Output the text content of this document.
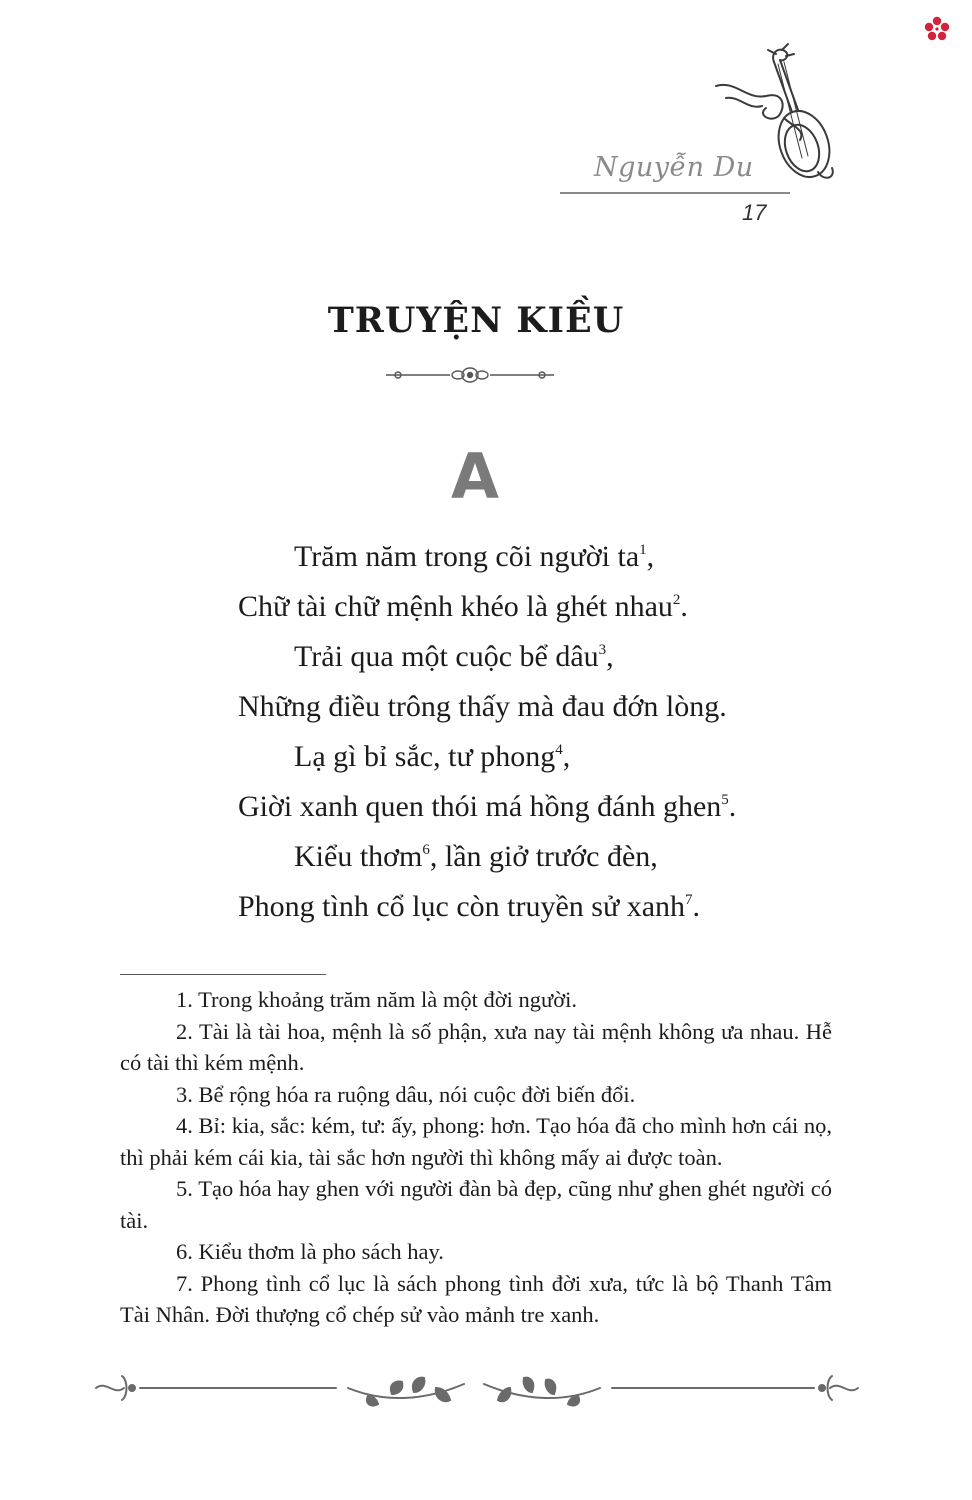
Nguyễn Du
17
TRUYỆN KIỀU
A
Trăm năm trong cõi người $ta^1$,
Chữ tài chữ mệnh khéo là ghét nhau$^2$.
Trải qua một cuộc bể dâu$^3$,
Những điều trông thấy mà đau đớn lòng.
Lạ gì bỉ sắc, tư phong$^4$,
Giời xanh quen thói má hồng đánh ghen$^5$.
Kiểu thơm$^6$, lần giở trước đèn,
Phong tình cổ lục còn truyền sử xanh$^7$.

1. Trong khoảng trăm năm là một đời người.

2. Tài là tài hoa, mệnh là số phận, xưa nay tài mệnh không ưa nhau. Hễ có tài thì kém mệnh.

3. Bể rộng hóa ra ruộng dâu, nói cuộc đời biến đổi.

4. Bỉ: kia, sắc: kém, tư: ấy, phong: hơn. Tạo hóa đã cho mình hơn cái nọ, thì phải kém cái kia, tài sắc hơn người thì không mấy ai được toàn.

5. Tạo hóa hay ghen với người đàn bà đẹp, cũng như ghen ghét người có tài.

6. Kiểu thơm là pho sách hay.

7. Phong tình cổ lục là sách phong tình đời xưa, tức là bộ Thanh Tâm Tài Nhân. Đời thượng cổ chép sử vào mảnh tre xanh.
